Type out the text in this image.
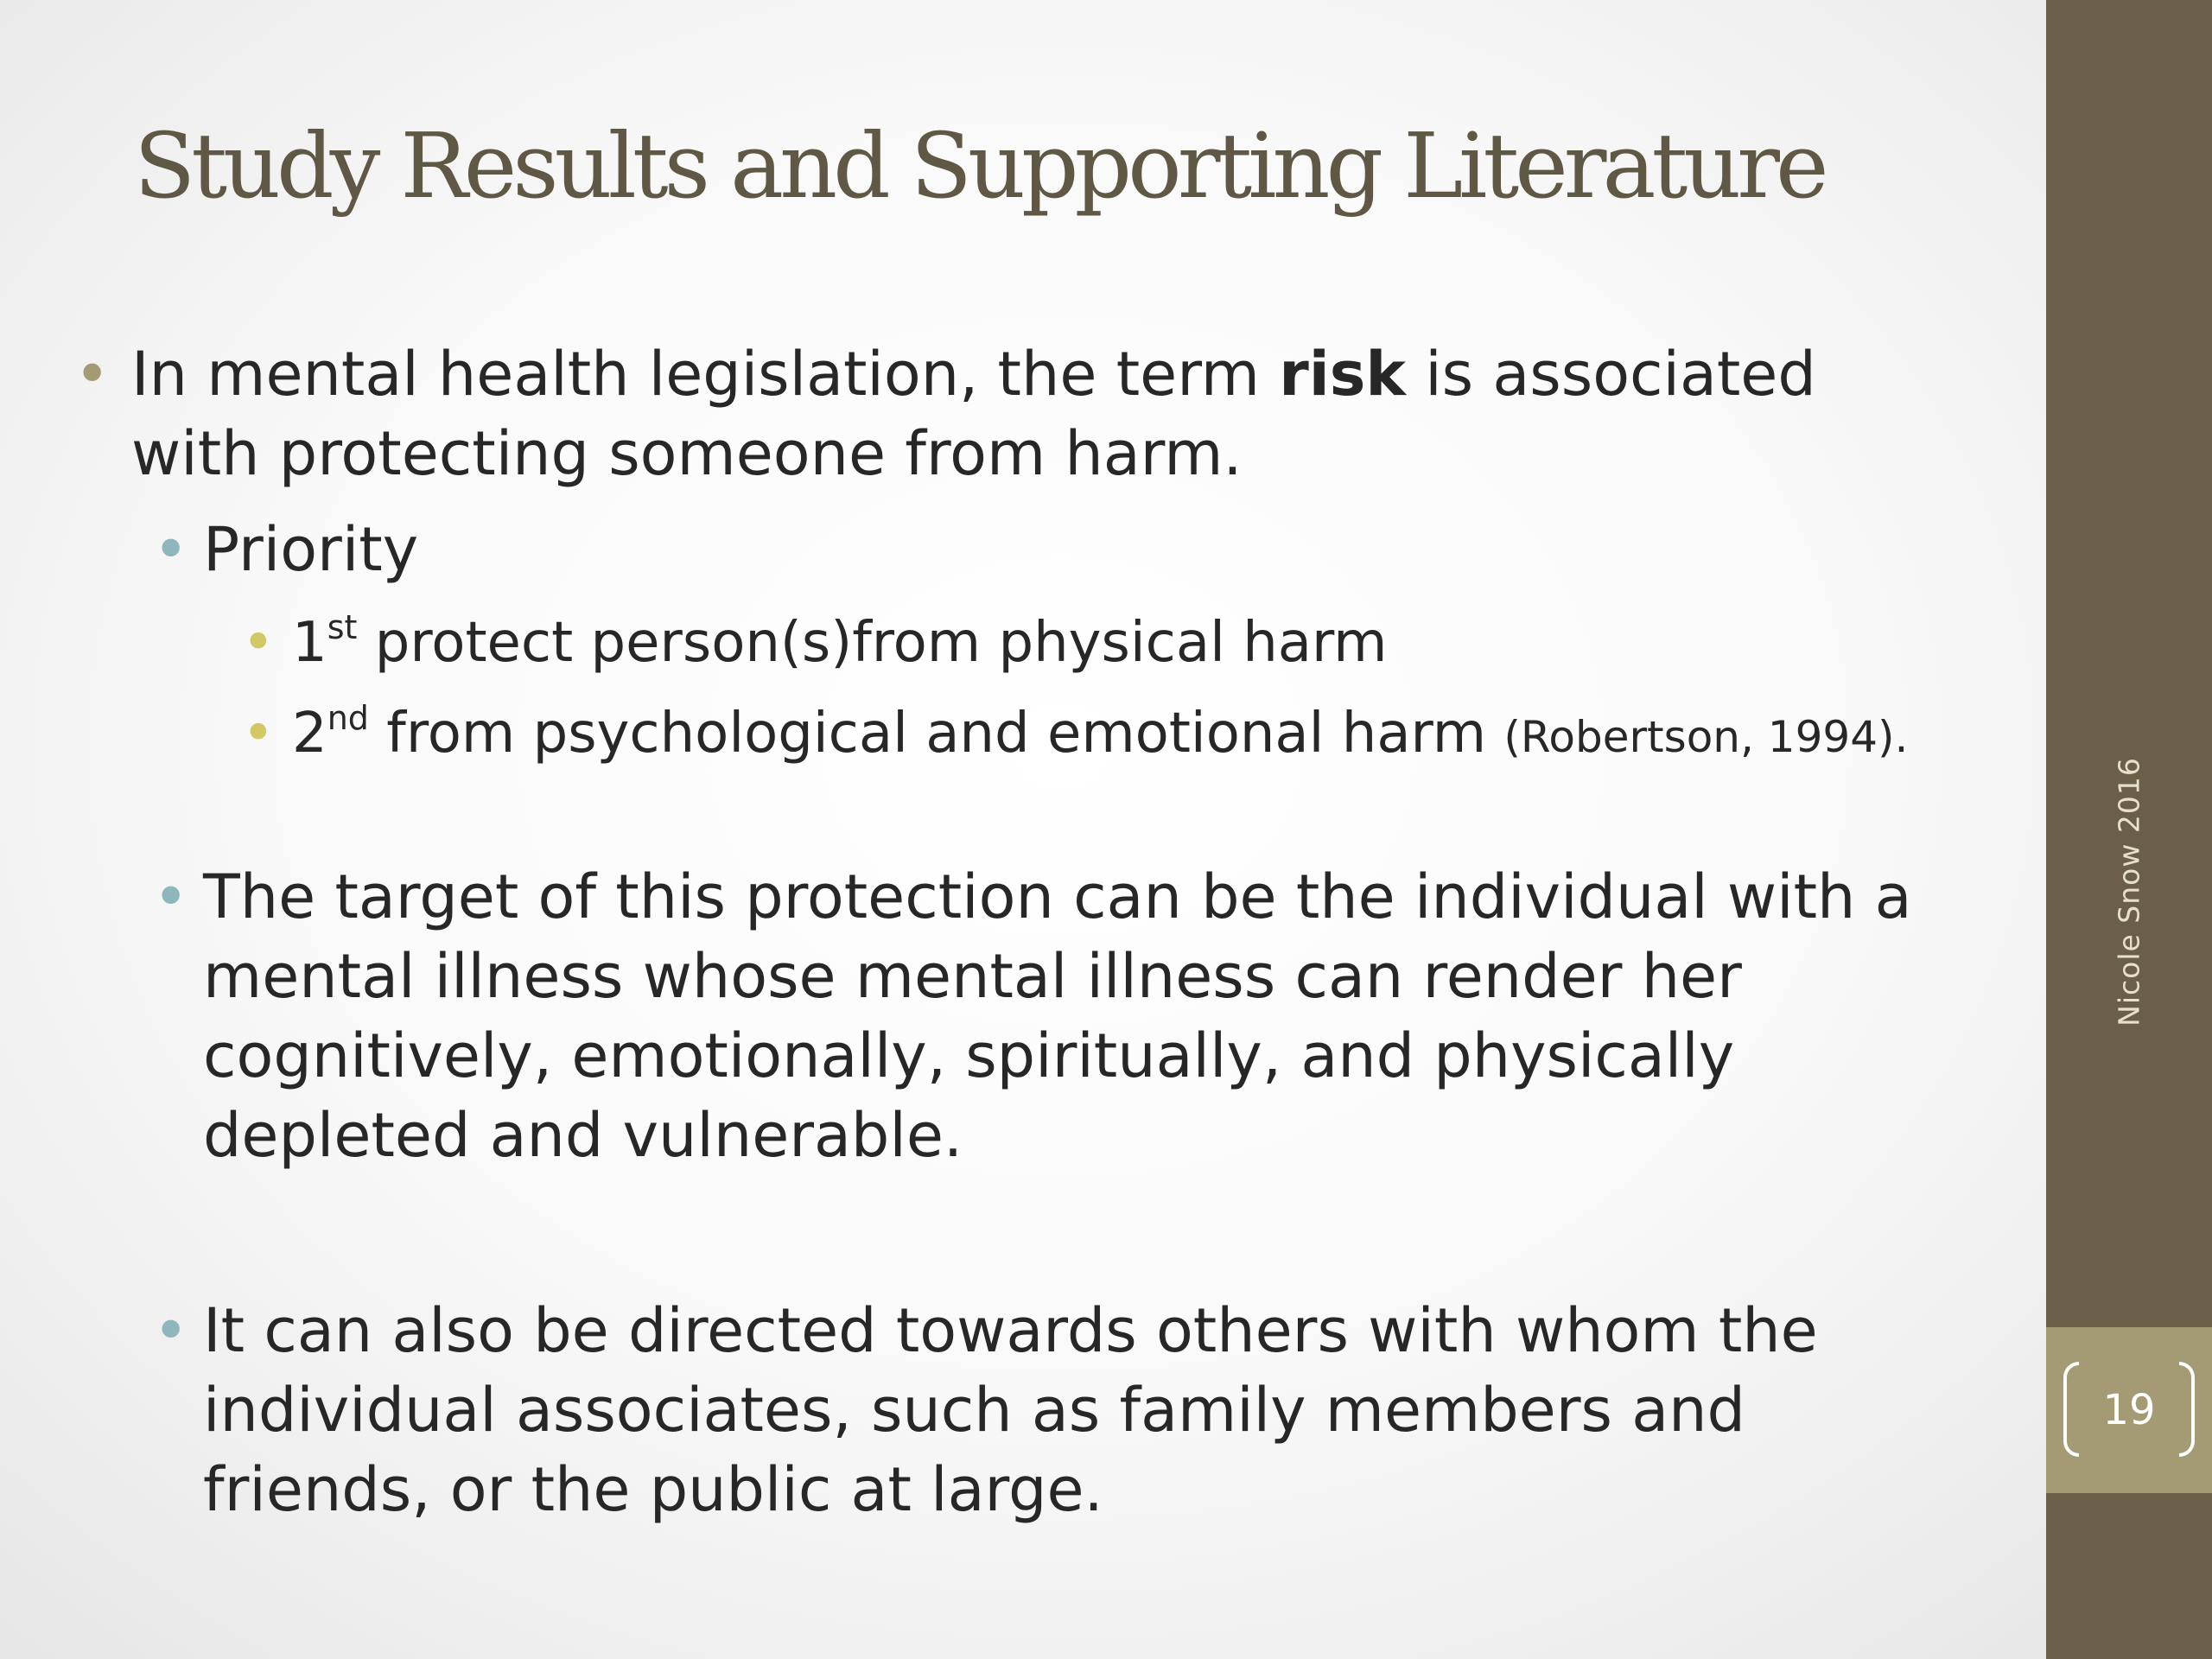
Nicole Snow 2016
19
Study Results and Supporting Literature

• In mental health legislation, the term risk is associated with protecting someone from harm.

• Priority

• 1st protect person(s)from physical harm

• 2nd from psychological and emotional harm (Robertson, 1994).

• The target of this protection can be the individual with a mental illness whose mental illness can render her cognitively, emotionally, spiritually, and physically depleted and vulnerable.

• It can also be directed towards others with whom the individual associates, such as family members and friends, or the public at large.
